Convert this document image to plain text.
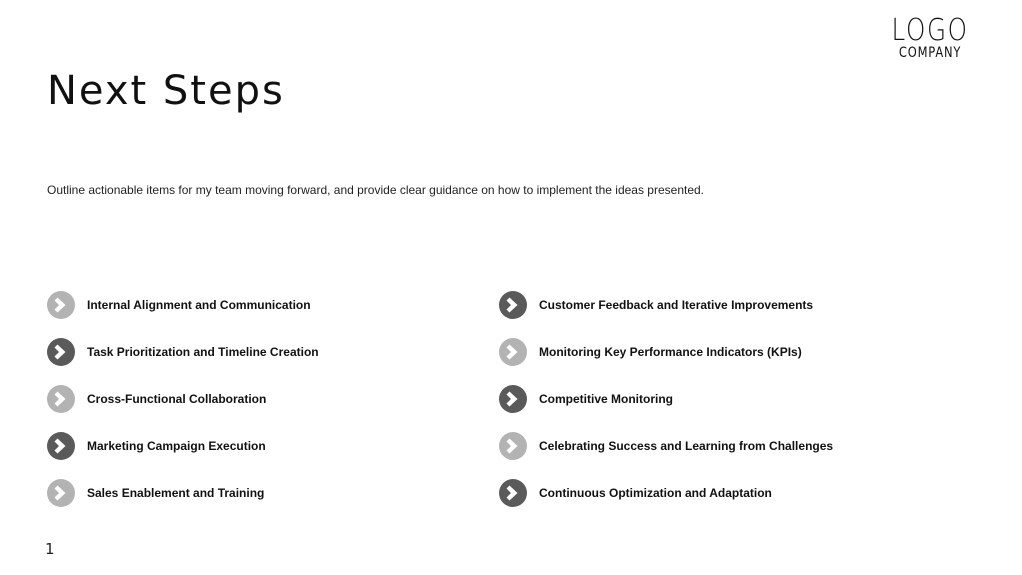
LOGO
COMPANY
Next Steps

Outline actionable items for my team moving forward, and provide clear guidance on how to implement the ideas presented.

Internal Alignment and Communication
Task Prioritization and Timeline Creation
Cross-Functional Collaboration
Marketing Campaign Execution
Sales Enablement and Training
Customer Feedback and Iterative Improvements
Monitoring Key Performance Indicators (KPIs)
Competitive Monitoring
Celebrating Success and Learning from Challenges
Continuous Optimization and Adaptation
1
